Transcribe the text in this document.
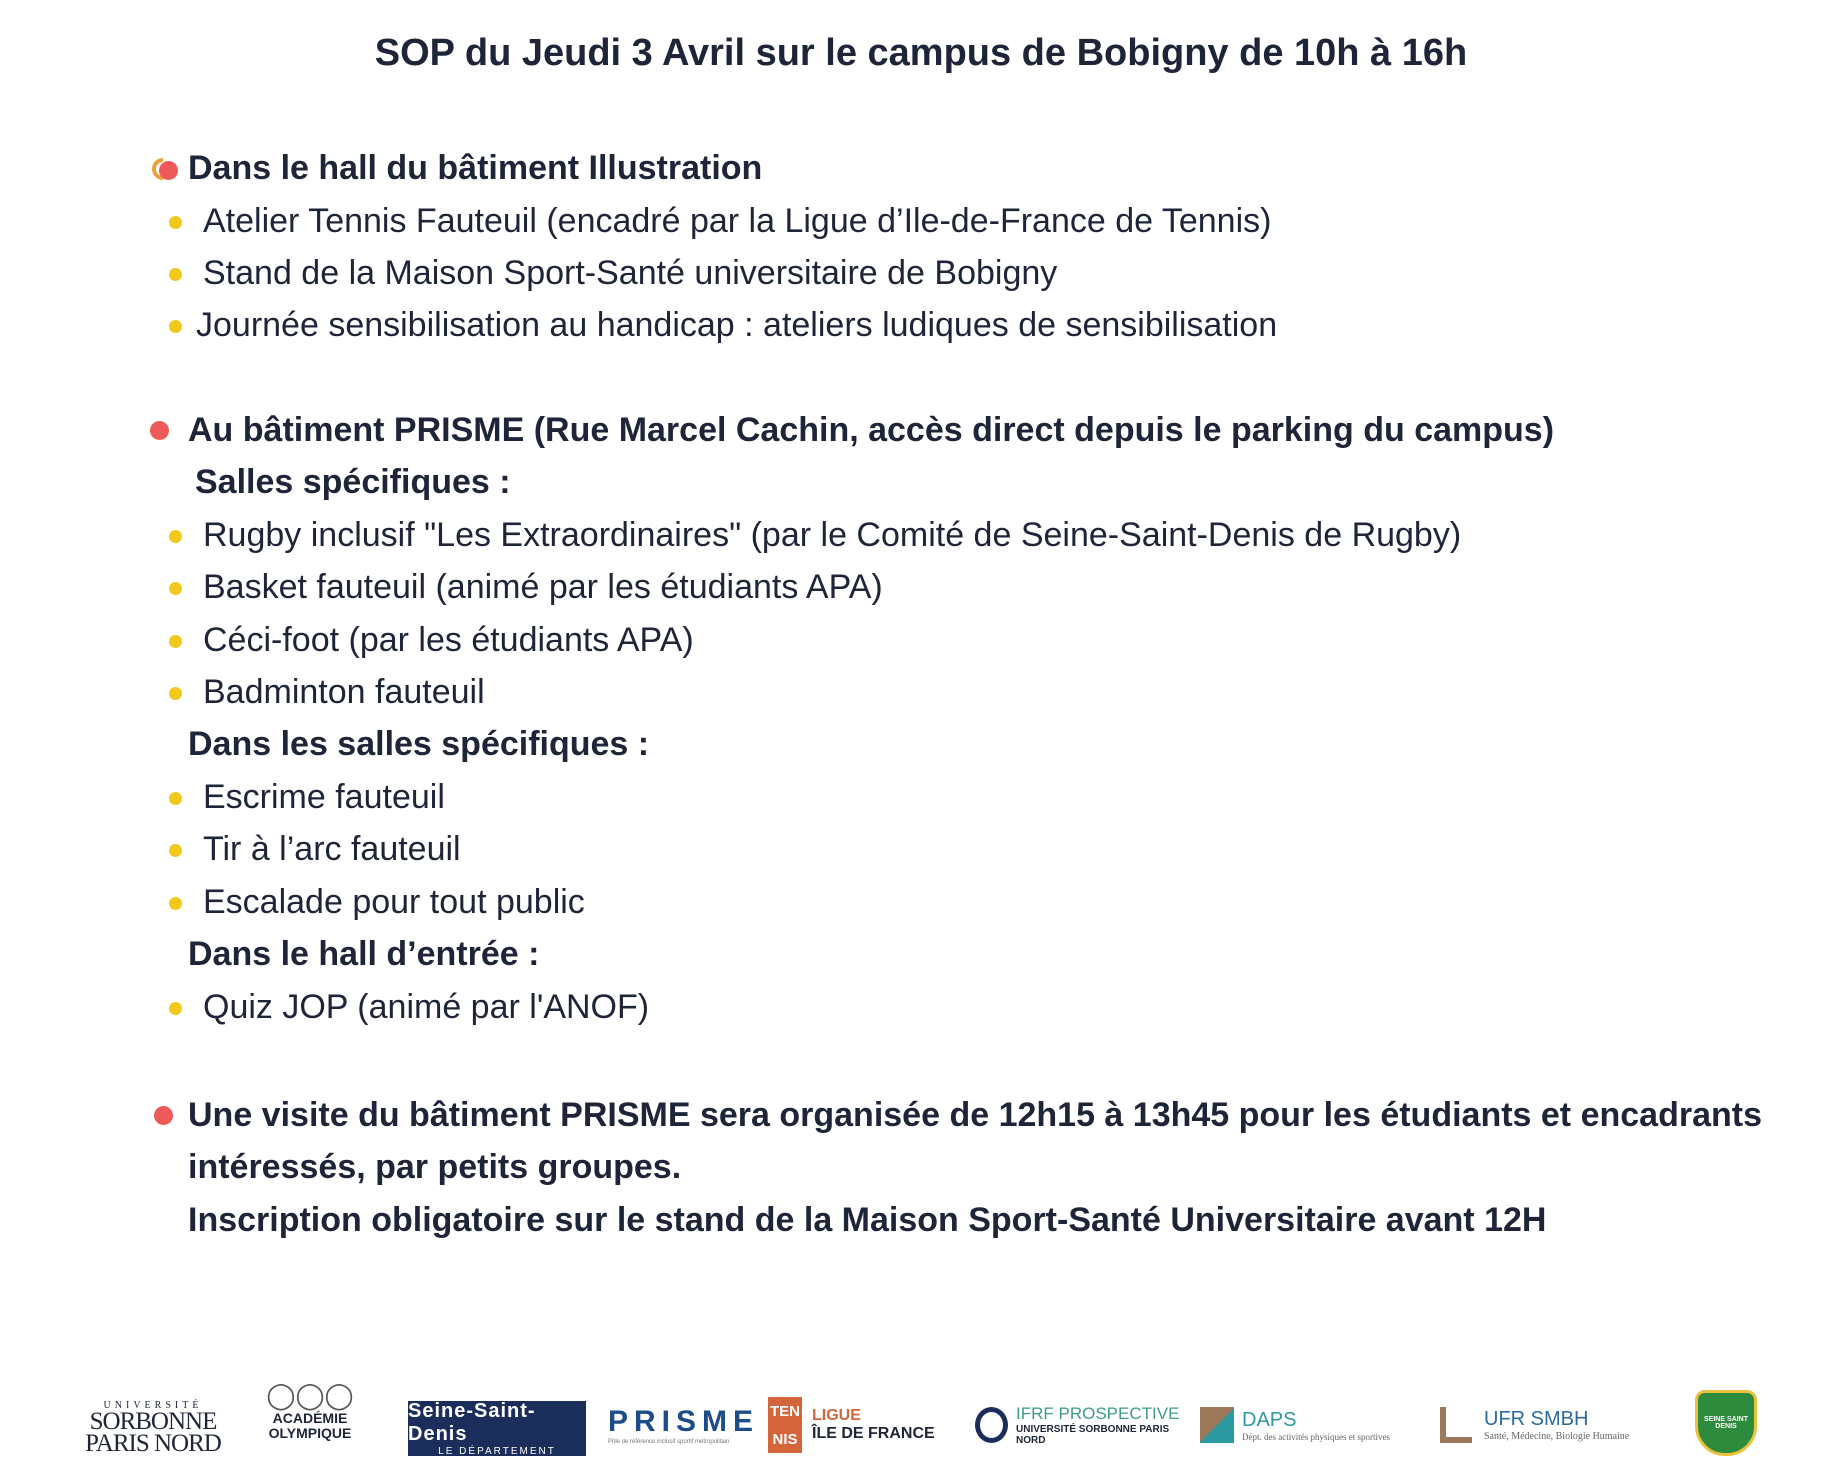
SOP du Jeudi 3 Avril sur le campus de Bobigny de 10h à 16h
Dans le hall du bâtiment Illustration
Atelier Tennis Fauteuil (encadré par la Ligue d’Ile-de-France de Tennis)
Stand de la Maison Sport-Santé universitaire de Bobigny
Journée sensibilisation au handicap : ateliers ludiques de sensibilisation
Au bâtiment PRISME (Rue Marcel Cachin, accès direct depuis le parking du campus)
Salles spécifiques :
Rugby inclusif "Les Extraordinaires" (par le Comité de Seine-Saint-Denis de Rugby)
Basket fauteuil (animé par les étudiants APA)
Céci-foot (par les étudiants APA)
Badminton fauteuil
Dans les salles spécifiques :
Escrime fauteuil
Tir à l’arc fauteuil
Escalade pour tout public
Dans le hall d’entrée :
Quiz JOP (animé par l'ANOF)
Une visite du bâtiment PRISME sera organisée de 12h15 à 13h45 pour les étudiants et encadrants
intéressés, par petits groupes.
Inscription obligatoire sur le stand de la Maison Sport-Santé Universitaire avant 12H
UNIVERSITÉ
SORBONNE
PARIS NORD
◯◯◯
ACADÉMIE
OLYMPIQUE
Seine-Saint-Denis
LE DÉPARTEMENT
PRISME
Pôle de référence inclusif sportif métropolitain
TEN
NIS
LIGUE
ÎLE DE FRANCE
IFRF PROSPECTIVE
UNIVERSITÉ SORBONNE PARIS NORD
DAPS
Dépt. des activités physiques et sportives
UFR SMBH
Santé, Médecine, Biologie Humaine
SEINE SAINT DENIS
